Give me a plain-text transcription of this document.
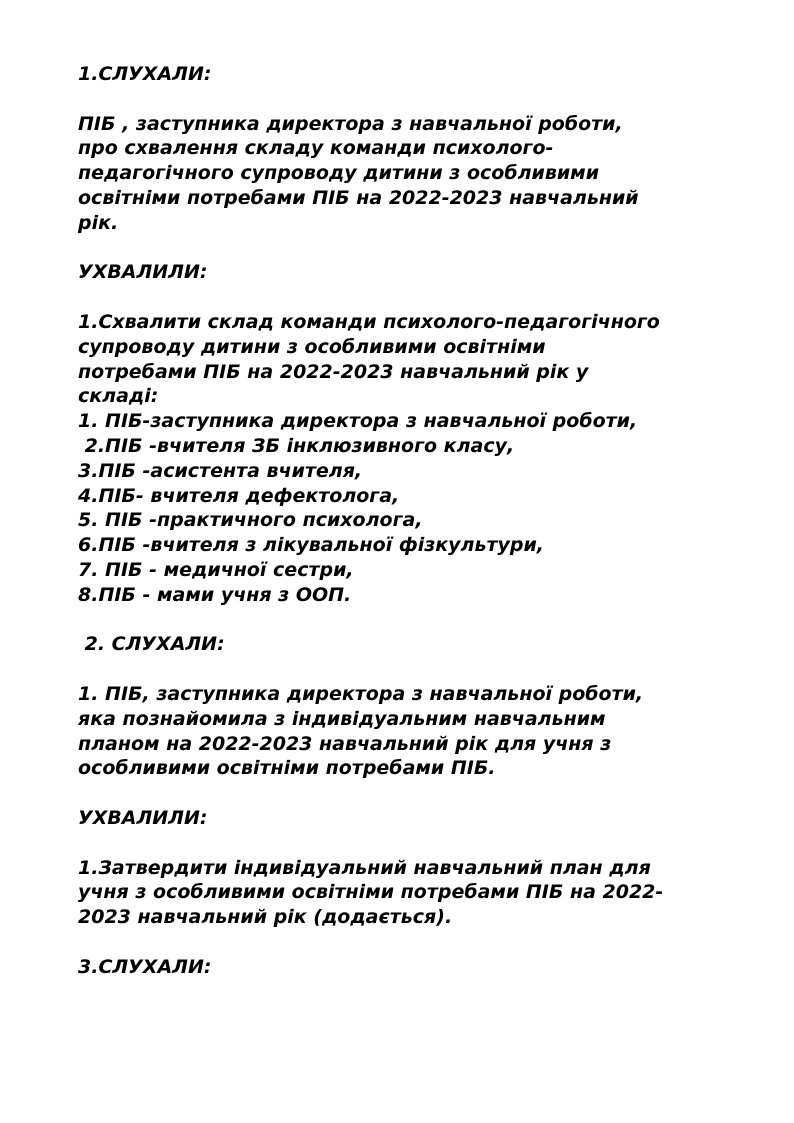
1.СЛУХАЛИ:
ПІБ , заступника директора з навчальної роботи,
про схвалення складу команди психолого-
педагогічного супроводу дитини з особливими
освітніми потребами ПІБ на 2022-2023 навчальний
рік.
УХВАЛИЛИ:
1.Схвалити склад команди психолого-педагогічного
супроводу дитини з особливими освітніми
потребами ПІБ на 2022-2023 навчальний рік у
складі:
1. ПІБ-заступника директора з навчальної роботи,
2.ПІБ -вчителя ЗБ інклюзивного класу,
3.ПІБ -асистента вчителя,
4.ПІБ- вчителя дефектолога,
5. ПІБ -практичного психолога,
6.ПІБ -вчителя з лікувальної фізкультури,
7. ПІБ - медичної сестри,
8.ПІБ - мами учня з ООП.
2. СЛУХАЛИ:
1. ПІБ, заступника директора з навчальної роботи,
яка познайомила з індивідуальним навчальним
планом на 2022-2023 навчальний рік для учня з
особливими освітніми потребами ПІБ.
УХВАЛИЛИ:
1.Затвердити індивідуальний навчальний план для
учня з особливими освітніми потребами ПІБ на 2022-
2023 навчальний рік (додається).
3.СЛУХАЛИ:
